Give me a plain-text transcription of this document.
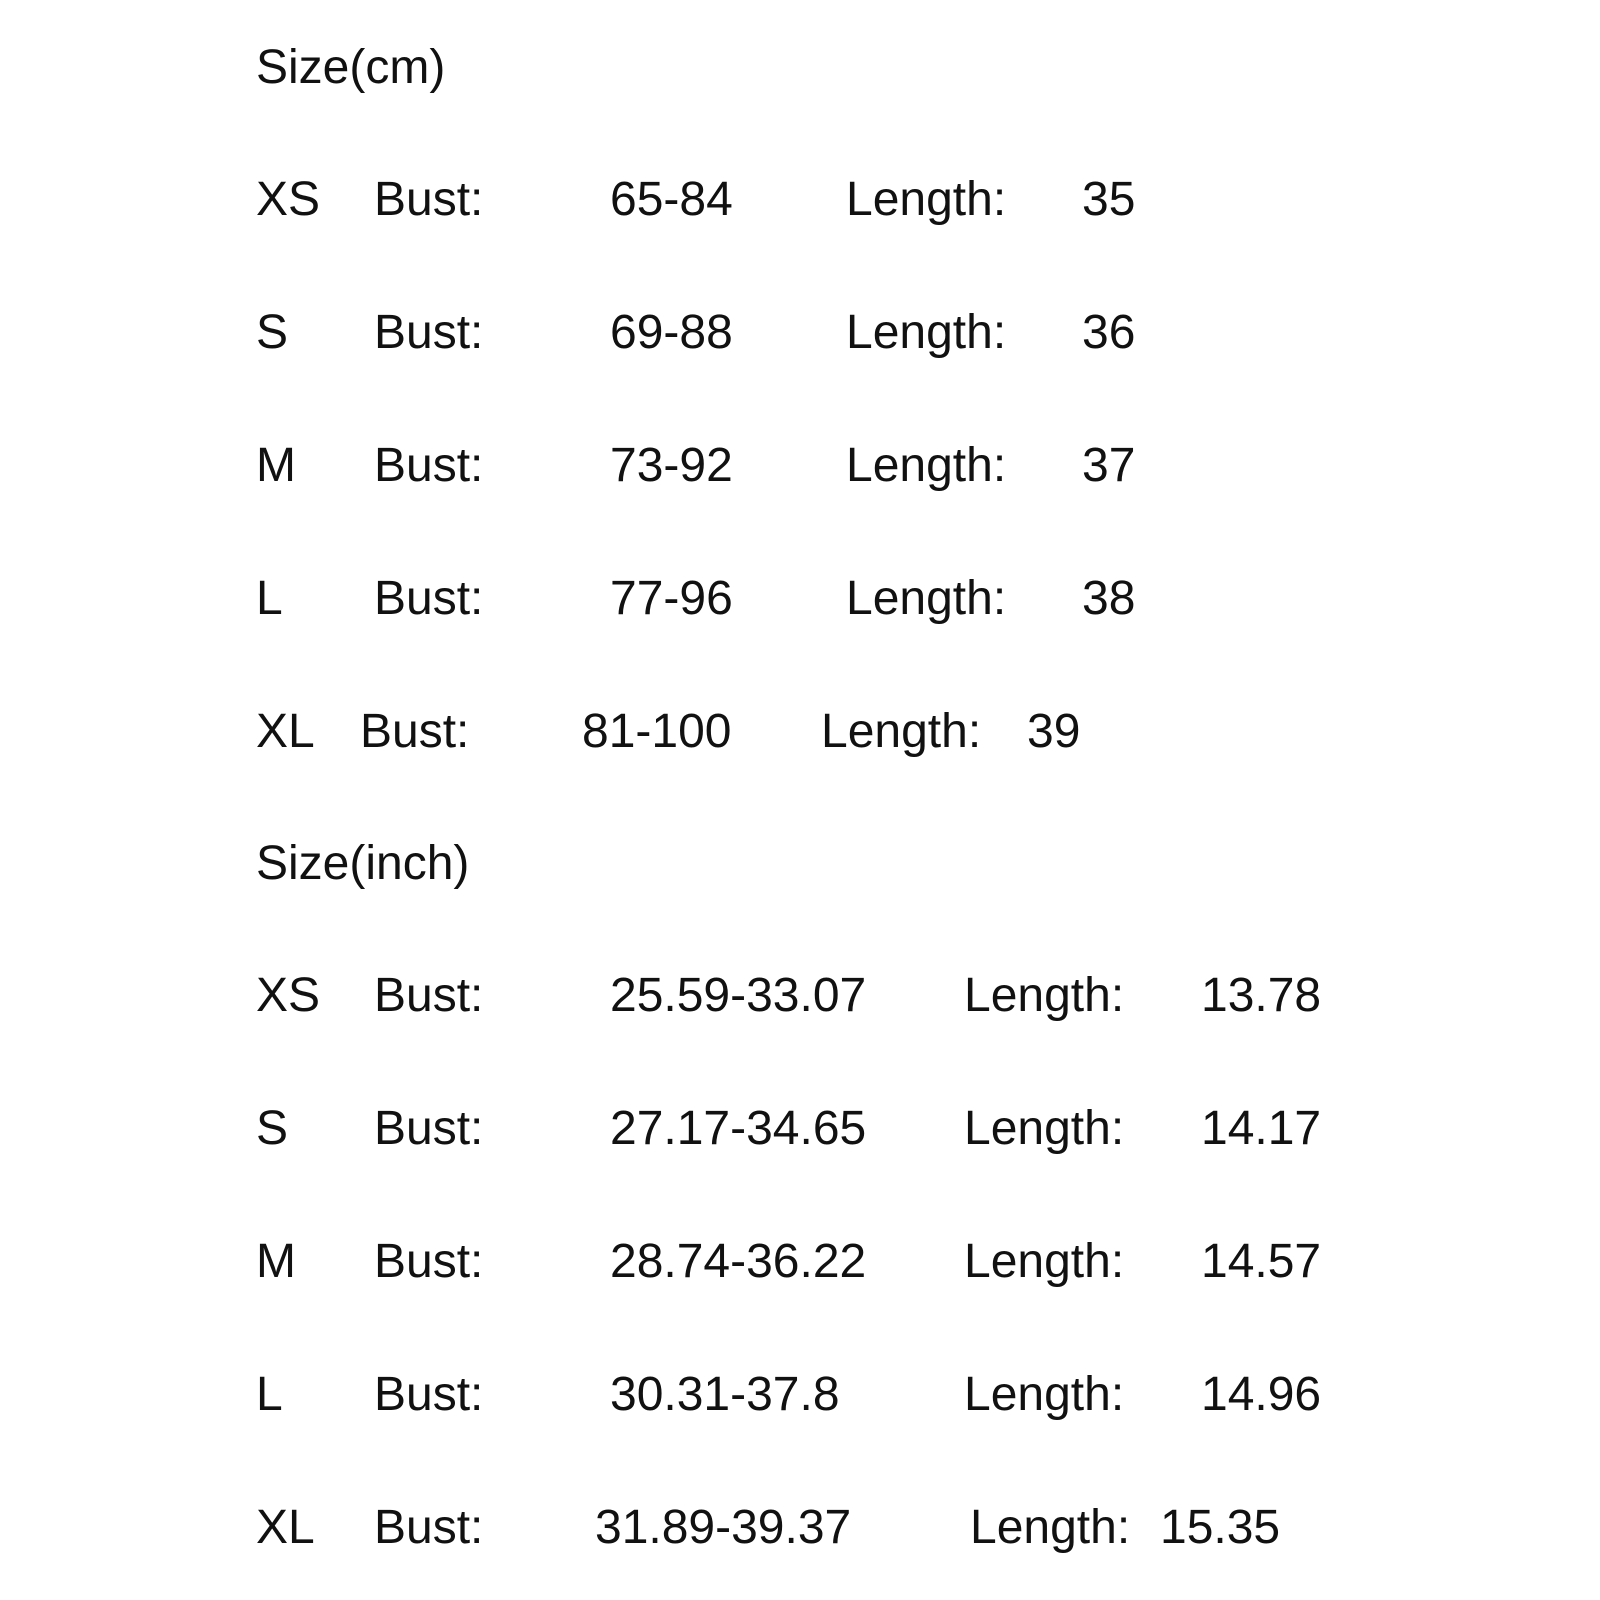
Size(cm)
XS Bust:	65-84 Length: 35
S Bust:	69-88 Length: 36
M Bust:	73-92 Length: 37
L Bust:	77-96 Length: 38
XL Bust: 81-100 Length: 39
Size(inch)
XS Bust:	25.59-33.07 Length: 13.78
S Bust:	27.17-34.65 Length: 14.17
M Bust:	28.74-36.22 Length: 14.57
L Bust:	30.31-37.8	Length: 14.96
XL Bust: 31.89-39.37 Length: 15.35
